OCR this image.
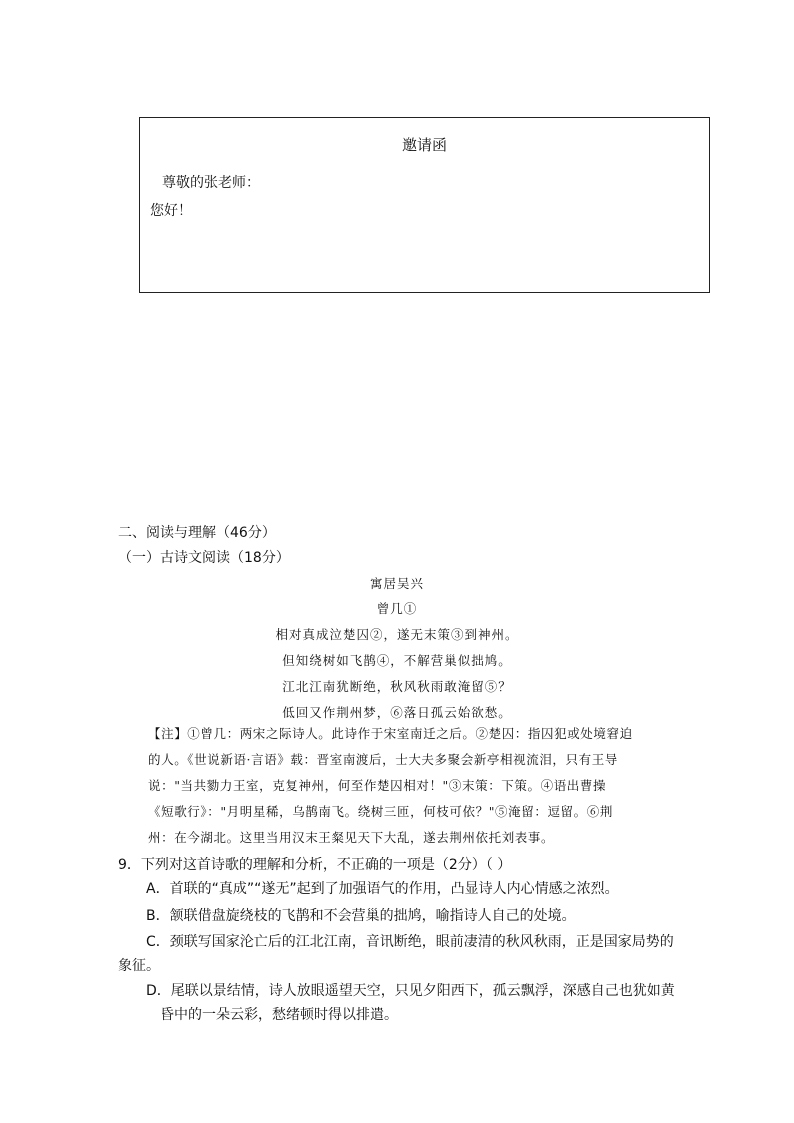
邀请函
尊敬的张老师：
您好！
二、阅读与理解（46分）
（一）古诗文阅读（18分）
寓居吴兴
曾几①
相对真成泣楚囚②，遂无末策③到神州。
但知绕树如飞鹊④，不解营巢似拙鸠。
江北江南犹断绝，秋风秋雨敢淹留⑤？
低回又作荆州梦，⑥落日孤云始欲愁。
【注】①曾几：两宋之际诗人。此诗作于宋室南迁之后。②楚囚：指囚犯或处境窘迫
的人。《世说新语·言语》载：晋室南渡后，士大夫多聚会新亭相视流泪，只有王导
说："当共勠力王室，克复神州，何至作楚囚相对！"③末策：下策。④语出曹操
《短歌行》："月明星稀，乌鹊南飞。绕树三匝，何枝可依？"⑤淹留：逗留。⑥荆
州：在今湖北。这里当用汉末王粲见天下大乱，遂去荆州依托刘表事。
9．下列对这首诗歌的理解和分析，不正确的一项是（2分）（ ）
A．首联的“真成”“遂无”起到了加强语气的作用，凸显诗人内心情感之浓烈。
B．颔联借盘旋绕枝的飞鹊和不会营巢的拙鸠，喻指诗人自己的处境。
C．颈联写国家沦亡后的江北江南，音讯断绝，眼前凄清的秋风秋雨，正是国家局势的
象征。
D．尾联以景结情，诗人放眼遥望天空，只见夕阳西下，孤云飘浮，深感自己也犹如黄
昏中的一朵云彩，愁绪顿时得以排遣。
